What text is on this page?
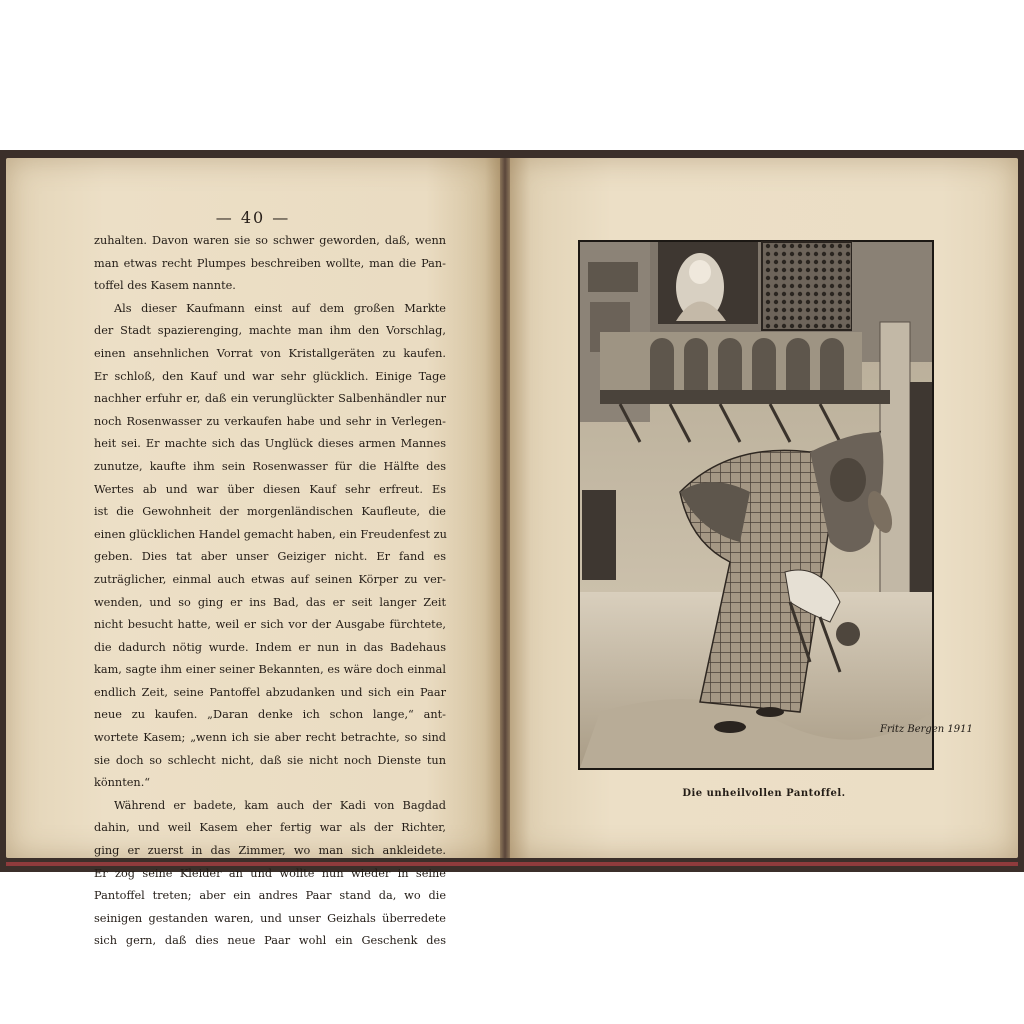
— 40 —
zuhalten. Davon waren sie so schwer geworden, daß, wenn
man etwas recht Plumpes beschreiben wollte, man die Pan-
toffel des Kasem nannte.
Als dieser Kaufmann einst auf dem großen Markte
der Stadt spazierenging, machte man ihm den Vorschlag,
einen ansehnlichen Vorrat von Kristallgeräten zu kaufen.
Er schloß, den Kauf und war sehr glücklich. Einige Tage
nachher erfuhr er, daß ein verunglückter Salbenhändler nur
noch Rosenwasser zu verkaufen habe und sehr in Verlegen-
heit sei. Er machte sich das Unglück dieses armen Mannes
zunutze, kaufte ihm sein Rosenwasser für die Hälfte des
Wertes ab und war über diesen Kauf sehr erfreut. Es
ist die Gewohnheit der morgenländischen Kaufleute, die
einen glücklichen Handel gemacht haben, ein Freudenfest zu
geben. Dies tat aber unser Geiziger nicht. Er fand es
zuträglicher, einmal auch etwas auf seinen Körper zu ver-
wenden, und so ging er ins Bad, das er seit langer Zeit
nicht besucht hatte, weil er sich vor der Ausgabe fürchtete,
die dadurch nötig wurde. Indem er nun in das Badehaus
kam, sagte ihm einer seiner Bekannten, es wäre doch einmal
endlich Zeit, seine Pantoffel abzudanken und sich ein Paar
neue zu kaufen. „Daran denke ich schon lange,“ ant-
wortete Kasem; „wenn ich sie aber recht betrachte, so sind
sie doch so schlecht nicht, daß sie nicht noch Dienste tun
könnten.“
Während er badete, kam auch der Kadi von Bagdad
dahin, und weil Kasem eher fertig war als der Richter,
ging er zuerst in das Zimmer, wo man sich ankleidete.
Er zog seine Kleider an und wollte nun wieder in seine
Pantoffel treten; aber ein andres Paar stand da, wo die
seinigen gestanden waren, und unser Geizhals überredete
sich gern, daß dies neue Paar wohl ein Geschenk des
Fritz Bergen 1911
Die unheilvollen Pantoffel.
